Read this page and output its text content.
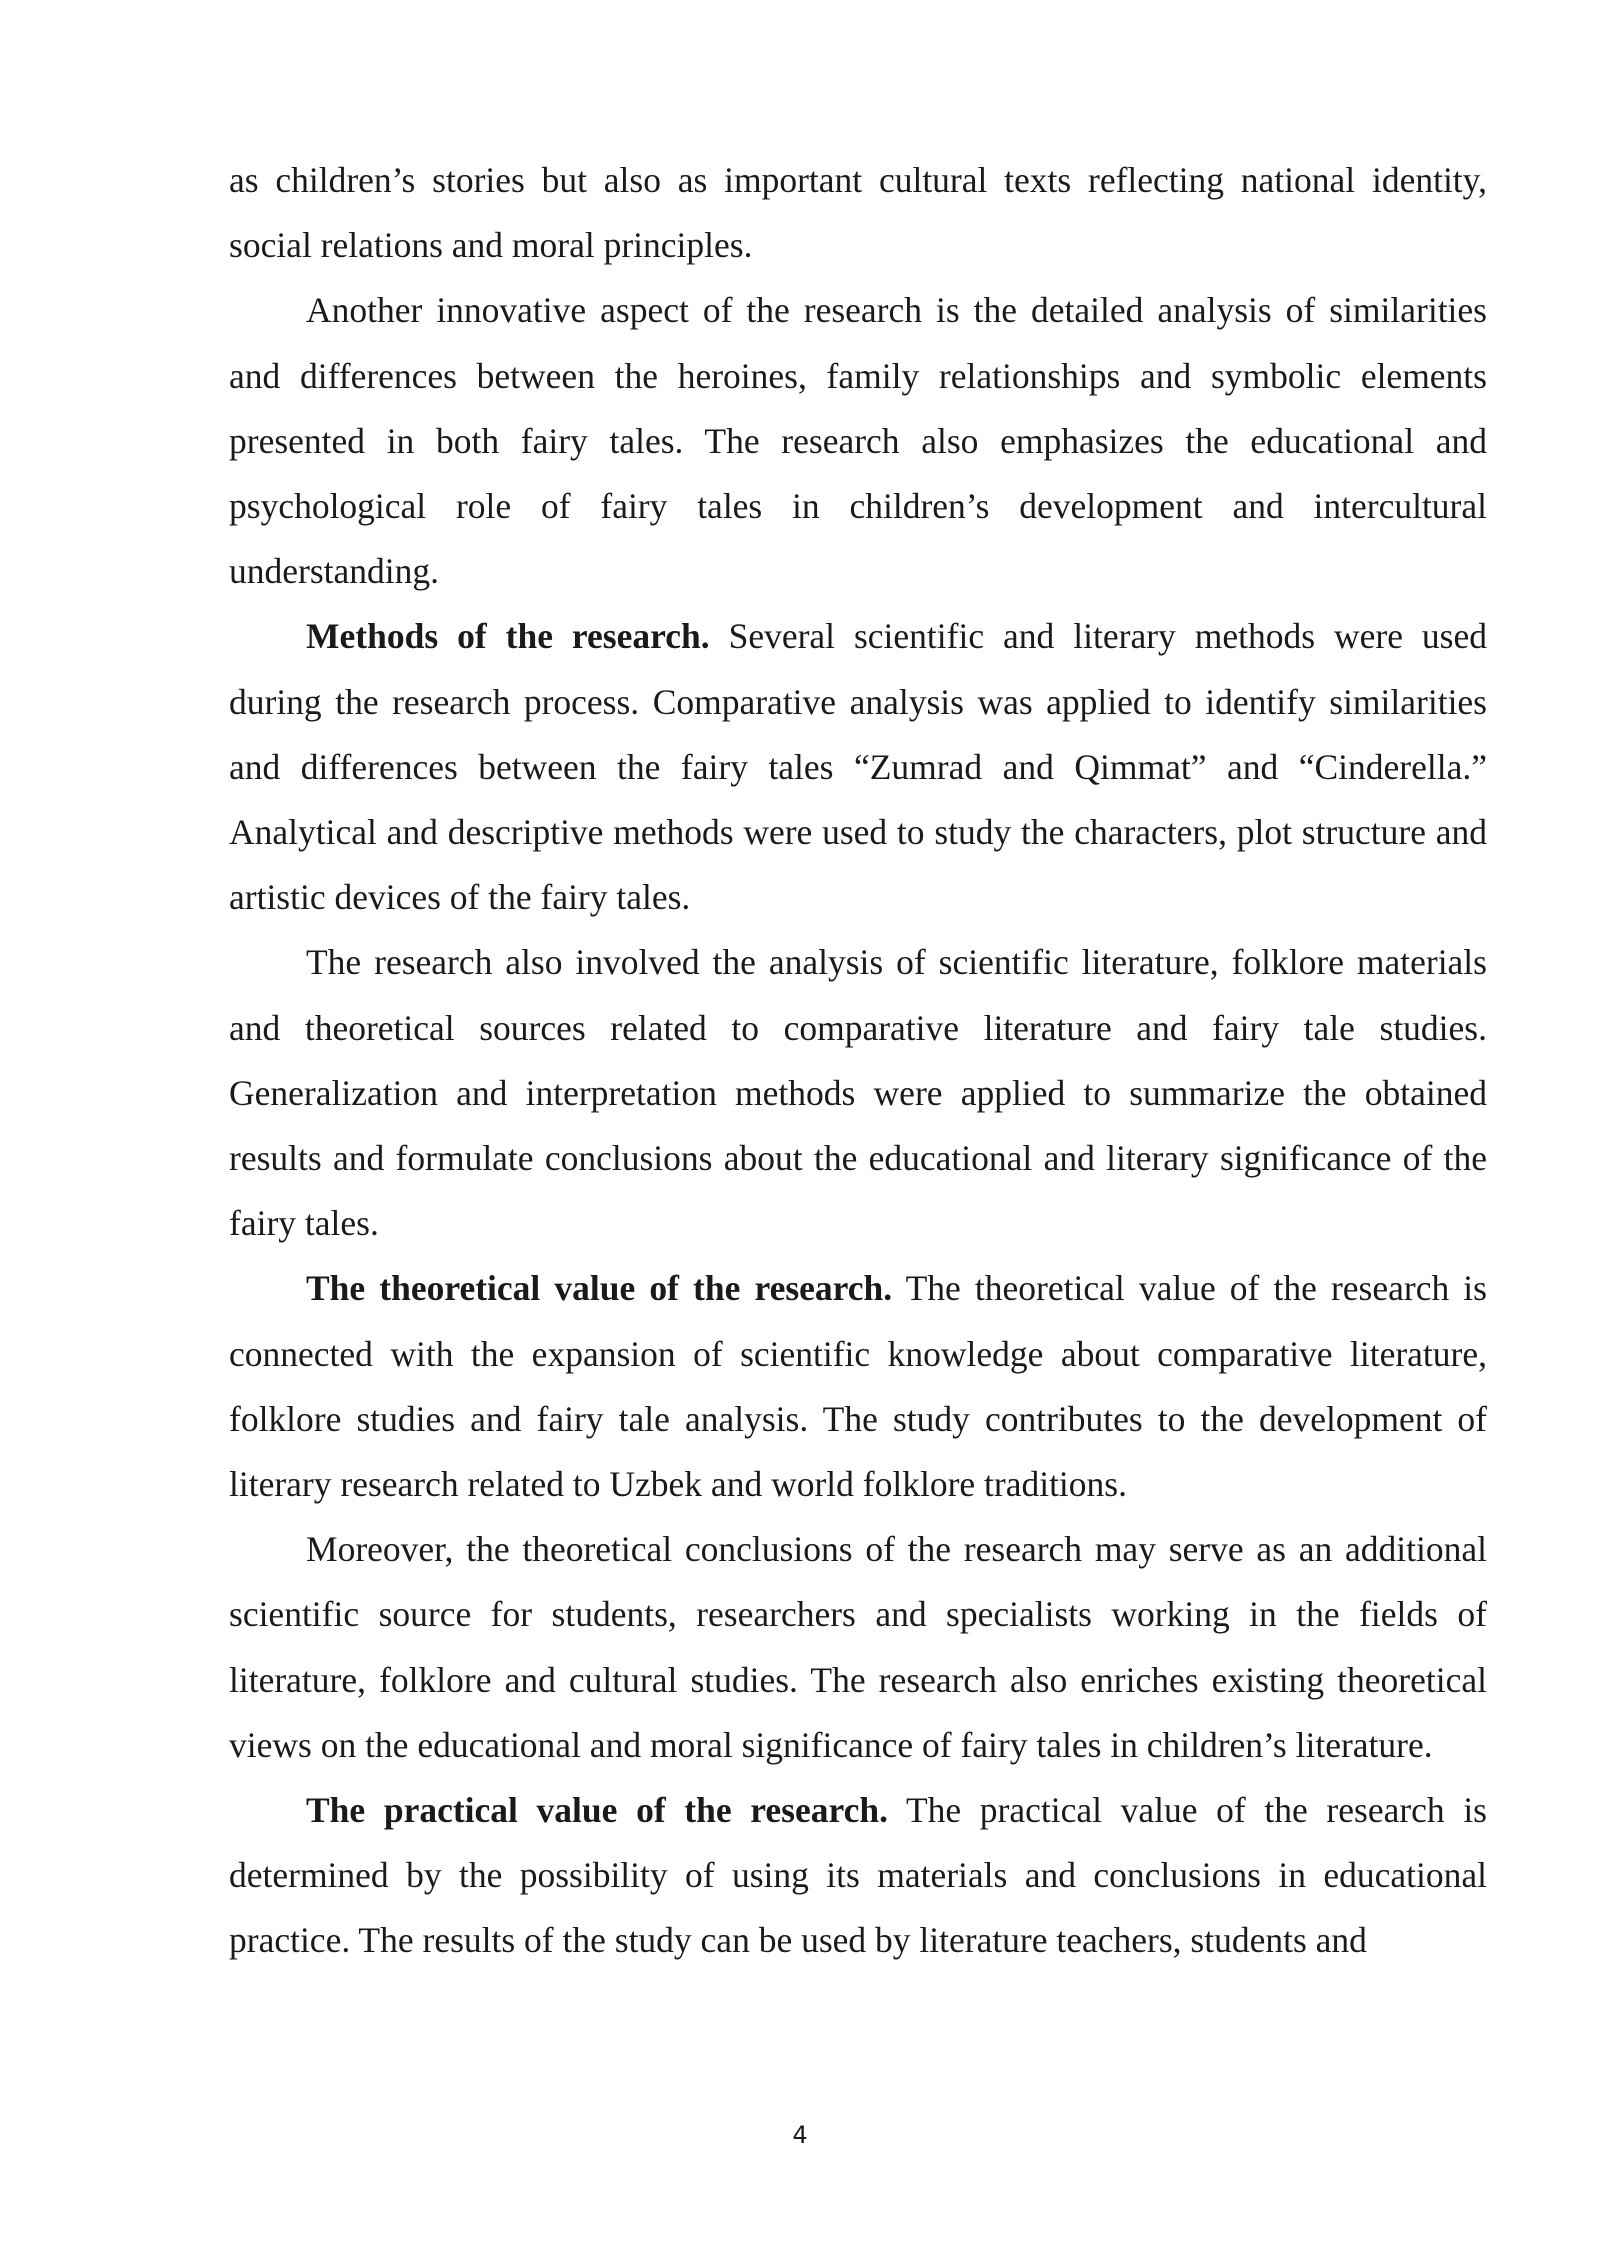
as children’s stories but also as important cultural texts reflecting national identity, social relations and moral principles.

Another innovative aspect of the research is the detailed analysis of similarities and differences between the heroines, family relationships and symbolic elements presented in both fairy tales. The research also emphasizes the educational and psychological role of fairy tales in children’s development and intercultural understanding.

Methods of the research. Several scientific and literary methods were used during the research process. Comparative analysis was applied to identify similarities and differences between the fairy tales “Zumrad and Qimmat” and “Cinderella.” Analytical and descriptive methods were used to study the characters, plot structure and artistic devices of the fairy tales.

The research also involved the analysis of scientific literature, folklore materials and theoretical sources related to comparative literature and fairy tale studies. Generalization and interpretation methods were applied to summarize the obtained results and formulate conclusions about the educational and literary significance of the fairy tales.

The theoretical value of the research. The theoretical value of the research is connected with the expansion of scientific knowledge about comparative literature, folklore studies and fairy tale analysis. The study contributes to the development of literary research related to Uzbek and world folklore traditions.

Moreover, the theoretical conclusions of the research may serve as an additional scientific source for students, researchers and specialists working in the fields of literature, folklore and cultural studies. The research also enriches existing theoretical views on the educational and moral significance of fairy tales in children’s literature.

The practical value of the research. The practical value of the research is determined by the possibility of using its materials and conclusions in educational practice. The results of the study can be used by literature teachers, students and

4
